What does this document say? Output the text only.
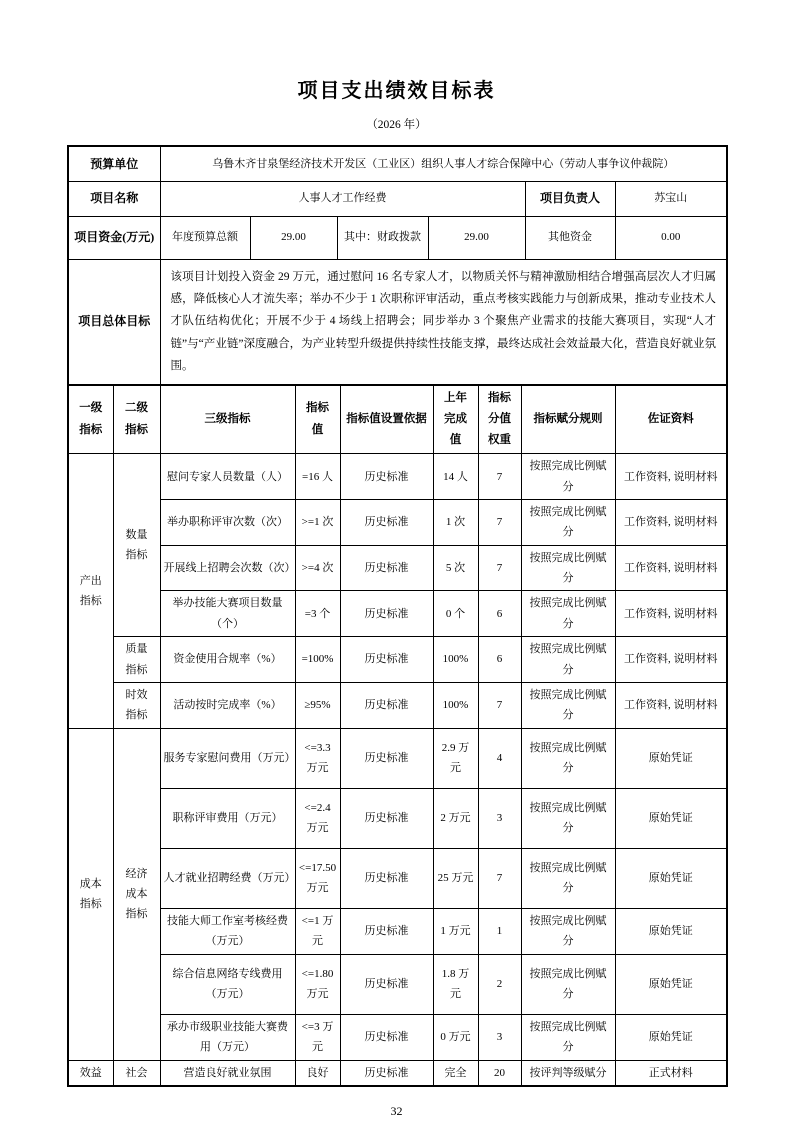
项目支出绩效目标表
（2026 年）
预算单位	乌鲁木齐甘泉堡经济技术开发区（工业区）组织人事人才综合保障中心（劳动人事争议仲裁院）					
项目名称	人事人才工作经费				项目负责人	苏宝山
项目资金(万元)	年度预算总额	29.00	其中：财政拨款	29.00	其他资金	0.00
项目总体目标	该项目计划投入资金 29 万元，通过慰问 16 名专家人才，以物质关怀与精神激励相结合增强高层次人才归属感，降低核心人才流失率；举办不少于 1 次职称评审活动，重点考核实践能力与创新成果，推动专业技术人才队伍结构优化；开展不少于 4 场线上招聘会；同步举办 3 个聚焦产业需求的技能大赛项目，实现“人才链”与“产业链”深度融合，为产业转型升级提供持续性技能支撑，最终达成社会效益最大化，营造良好就业氛围。					
一级指标	二级指标	三级指标	指标值	指标值设置依据	上年完成值	指标分值权重	指标赋分规则	佐证资料
产出指标	数量指标	慰问专家人员数量（人）	=16 人	历史标准	14 人	7	按照完成比例赋分	工作资料, 说明材料
		举办职称评审次数（次）	>=1 次	历史标准	1 次	7	按照完成比例赋分	工作资料, 说明材料
		开展线上招聘会次数（次）	>=4 次	历史标准	5 次	7	按照完成比例赋分	工作资料, 说明材料
		举办技能大赛项目数量（个）	=3 个	历史标准	0 个	6	按照完成比例赋分	工作资料, 说明材料
	质量指标	资金使用合规率（%）	=100%	历史标准	100%	6	按照完成比例赋分	工作资料, 说明材料
	时效指标	活动按时完成率（%）	≥95%	历史标准	100%	7	按照完成比例赋分	工作资料, 说明材料
成本指标	经济成本指标	服务专家慰问费用（万元）	<=3.3 万元	历史标准	2.9 万元	4	按照完成比例赋分	原始凭证
		职称评审费用（万元）	<=2.4 万元	历史标准	2 万元	3	按照完成比例赋分	原始凭证
		人才就业招聘经费（万元）	<=17.50 万元	历史标准	25 万元	7	按照完成比例赋分	原始凭证
		技能大师工作室考核经费（万元）	<=1 万元	历史标准	1 万元	1	按照完成比例赋分	原始凭证
		综合信息网络专线费用（万元）	<=1.80 万元	历史标准	1.8 万元	2	按照完成比例赋分	原始凭证
		承办市级职业技能大赛费用（万元）	<=3 万元	历史标准	0 万元	3	按照完成比例赋分	原始凭证
效益	社会	营造良好就业氛围	良好	历史标准	完全	20	按评判等级赋分	正式材料
32
